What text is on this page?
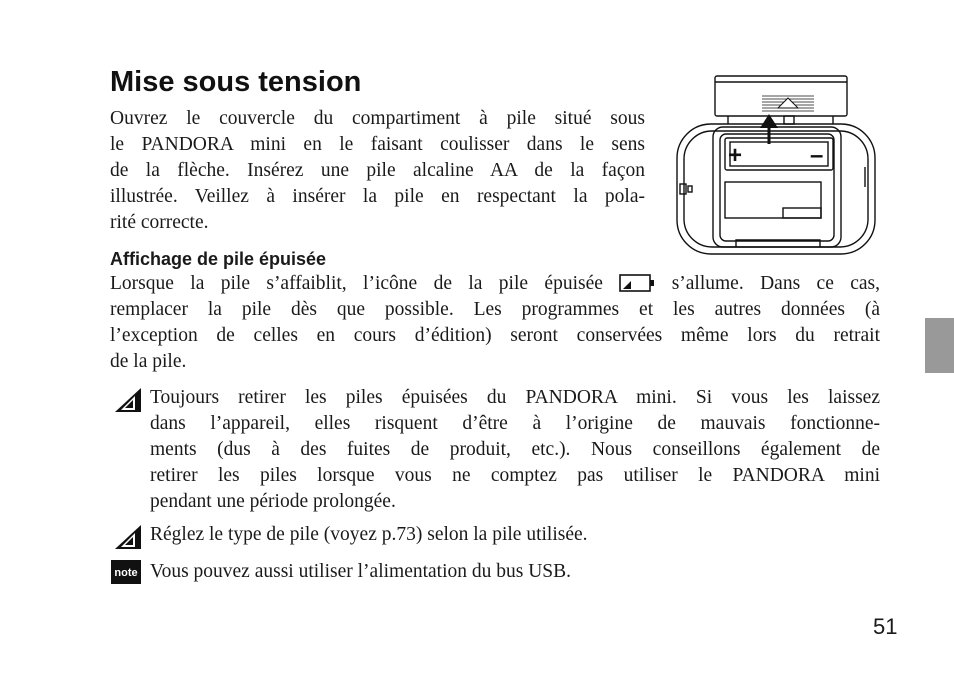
Mise sous tension

Ouvrez le couvercle du compartiment à pile situé sous
le PANDORA mini en le faisant coulisser dans le sens
de la flèche. Insérez une pile alcaline AA de la façon
illustrée. Veillez à insérer la pile en respectant la pola-
rité correcte.

+	–
Affichage de pile épuisée

Lorsque la pile s’affaiblit, l’icône de la pile épuisée	s’allume. Dans ce cas,
remplacer la pile dès que possible. Les programmes et les autres données (à
l’exception de celles en cours d’édition) seront conservées même lors du retrait
de la pile.

Toujours retirer les piles épuisées du PANDORA mini. Si vous les laissez
dans l’appareil, elles risquent d’être à l’origine de mauvais fonctionne-
ments (dus à des fuites de produit, etc.). Nous conseillons également de
retirer les piles lorsque vous ne comptez pas utiliser le PANDORA mini
pendant une période prolongée.

Réglez le type de pile (voyez p.73) selon la pile utilisée.

note Vous pouvez aussi utiliser l’alimentation du bus USB.

51
